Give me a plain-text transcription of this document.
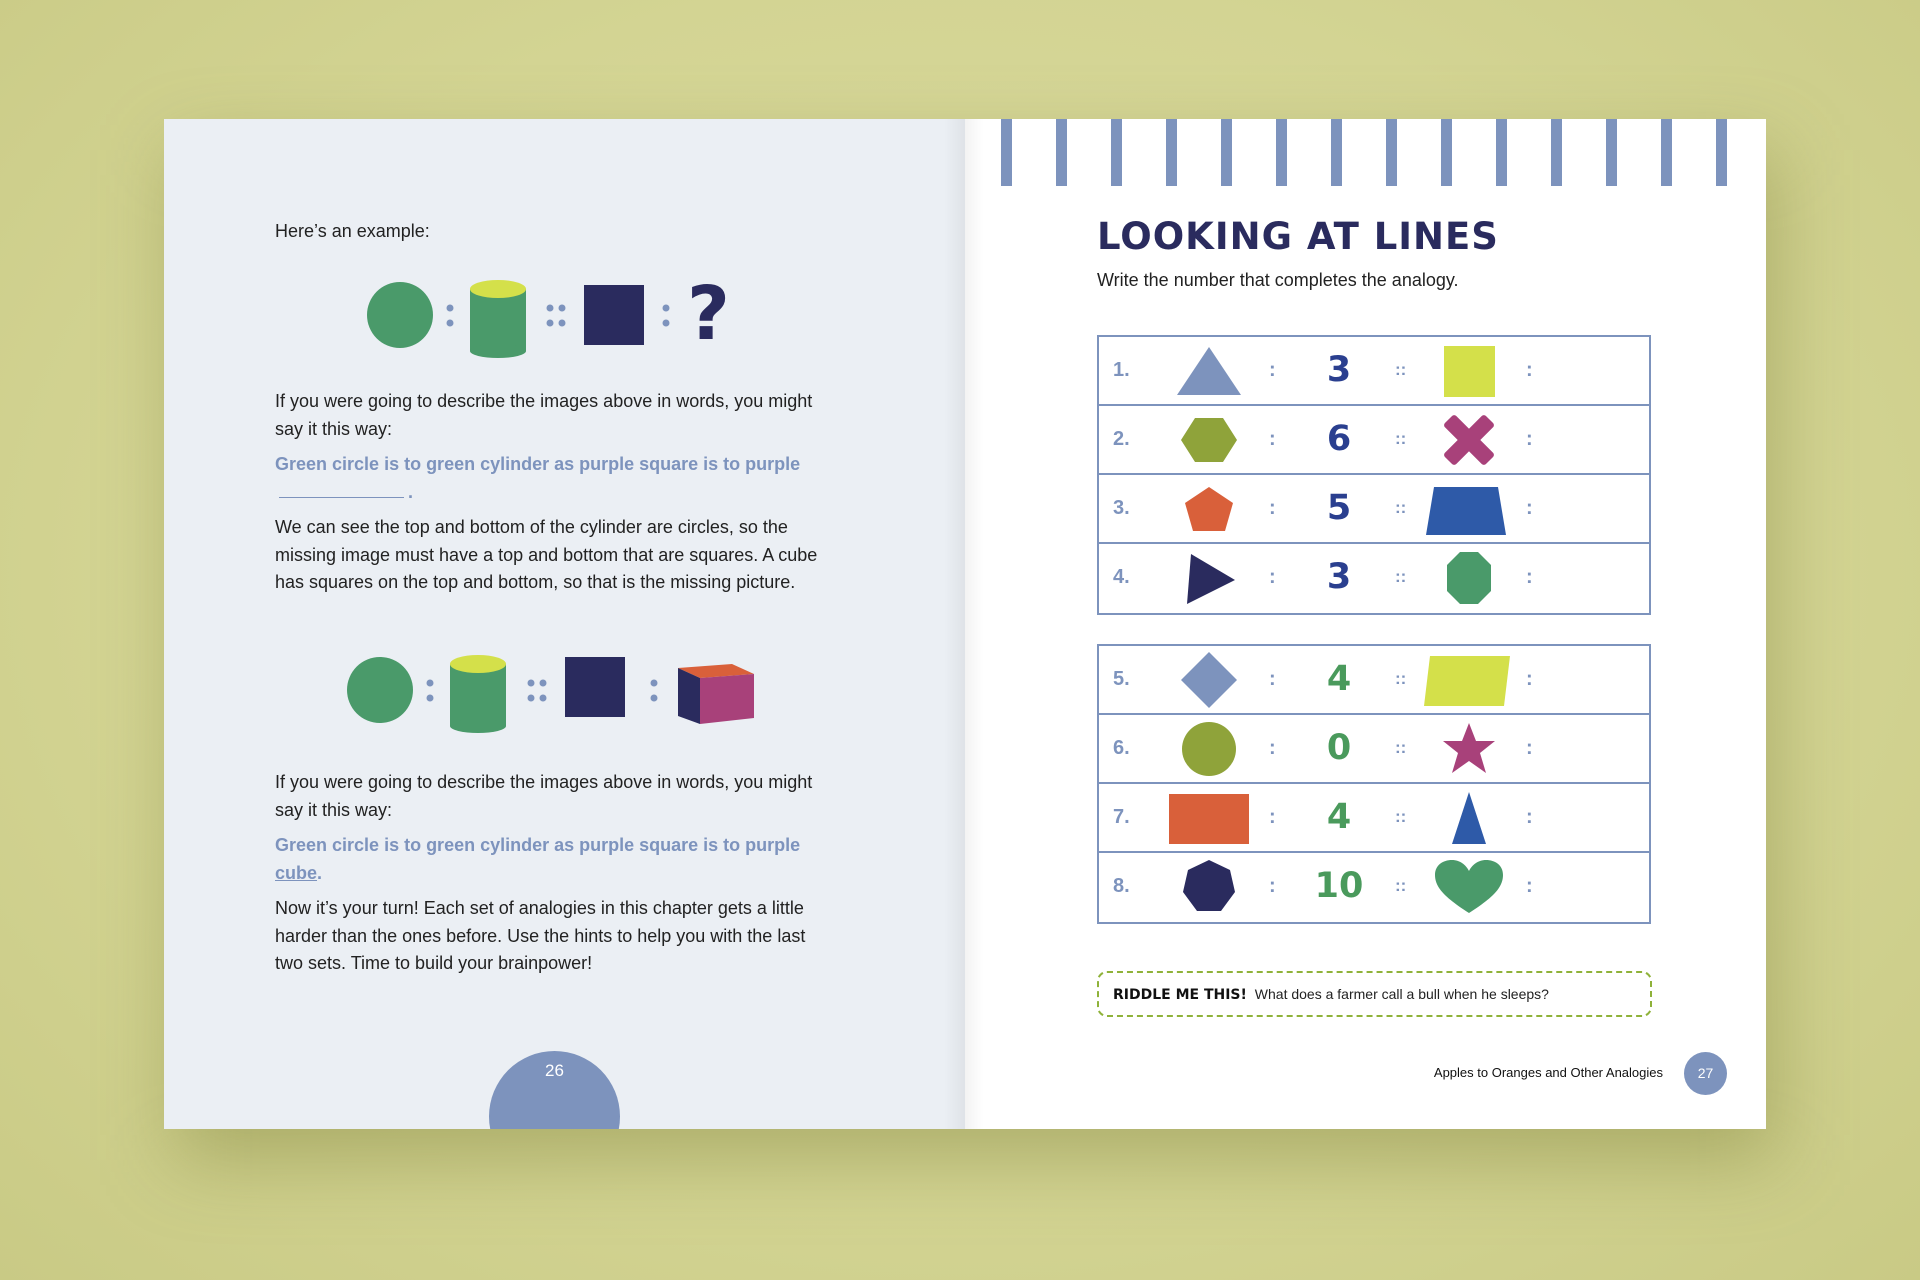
Here’s an example:

?

If you were going to describe the images above in words, you might say it this way:

Green circle is to green cylinder as purple square is to purple.

We can see the top and bottom of the cylinder are circles, so the missing image must have a top and bottom that are squares. A cube has squares on the top and bottom, so that is the missing picture.

If you were going to describe the images above in words, you might say it this way:

Green circle is to green cylinder as purple square is to purple cube.

Now it’s your turn! Each set of analogies in this chapter gets a little harder than the ones before. Use the hints to help you with the last two sets. Time to build your brainpower!

26
LOOKING AT LINES

Write the number that completes the analogy.

1.	:	3	::	:
2.	:	6	::	:
3.	:	5	::	:
4.	:	3	::	:
5.	:	4	::	:
6.	:	0	::	:
7.	:	4	::	:
8.	:	10	::	:
RIDDLE ME THIS! What does a farmer call a bull when he sleeps?
Apples to Oranges and Other Analogies	27
